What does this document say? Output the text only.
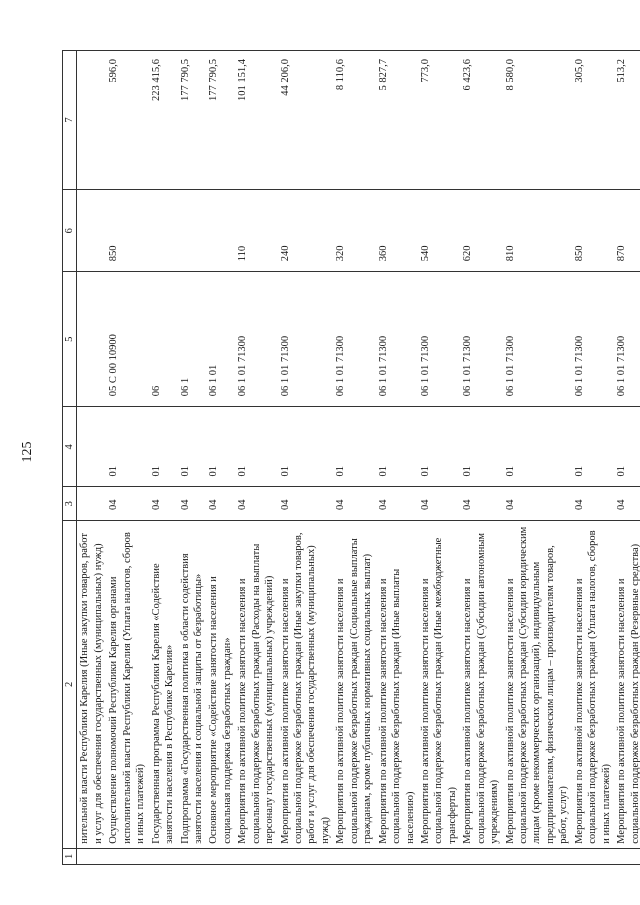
125
1	2	3	4	5	6	7
	нительной власти Республики Карелия (Иные закупки товаров, работ и услуг для обеспечения государственных (муниципальных) нужд)					
	Осуществление полномочий Республики Карелия органами исполнительной власти Республики Карелия (Уплата налогов, сборов и иных платежей)	04	01	05 С 00 10900	850	596,0
	Государственная программа Республики Карелия «Содействие занятости населения в Республике Карелия»	04	01	06		223 415,6
	Подпрограмма «Государственная политика в области содействия занятости населения и социальной защиты от безработицы»	04	01	06 1		177 790,5
	Основное мероприятие «Содействие занятости населения и социальная поддержка безработных граждан»	04	01	06 1 01		177 790,5
	Мероприятия по активной политике занятости населения и социальной поддержке безработных граждан (Расходы на выплаты персоналу государственных (муниципальных) учреждений)	04	01	06 1 01 71300	110	101 151,4
	Мероприятия по активной политике занятости населения и социальной поддержке безработных граждан (Иные закупки товаров, работ и услуг для обеспечения государственных (муниципальных) нужд)	04	01	06 1 01 71300	240	44 206,0
	Мероприятия по активной политике занятости населения и социальной поддержке безработных граждан (Социальные выплаты гражданам, кроме публичных нормативных социальных выплат)	04	01	06 1 01 71300	320	8 110,6
	Мероприятия по активной политике занятости населения и социальной поддержке безработных граждан (Иные выплаты населению)	04	01	06 1 01 71300	360	5 827,7
	Мероприятия по активной политике занятости населения и социальной поддержке безработных граждан (Иные межбюджетные трансферты)	04	01	06 1 01 71300	540	773,0
	Мероприятия по активной политике занятости населения и социальной поддержке безработных граждан (Субсидии автономным учреждениям)	04	01	06 1 01 71300	620	6 423,6
	Мероприятия по активной политике занятости населения и социальной поддержке безработных граждан (Субсидии юридическим лицам (кроме некоммерческих организаций), индивидуальным предпринимателям, физическим лицам – производителям товаров, работ, услуг)	04	01	06 1 01 71300	810	8 580,0
	Мероприятия по активной политике занятости населения и социальной поддержке безработных граждан (Уплата налогов, сборов и иных платежей)	04	01	06 1 01 71300	850	305,0
	Мероприятия по активной политике занятости населения и социальной поддержке безработных граждан (Резервные средства)	04	01	06 1 01 71300	870	513,2
